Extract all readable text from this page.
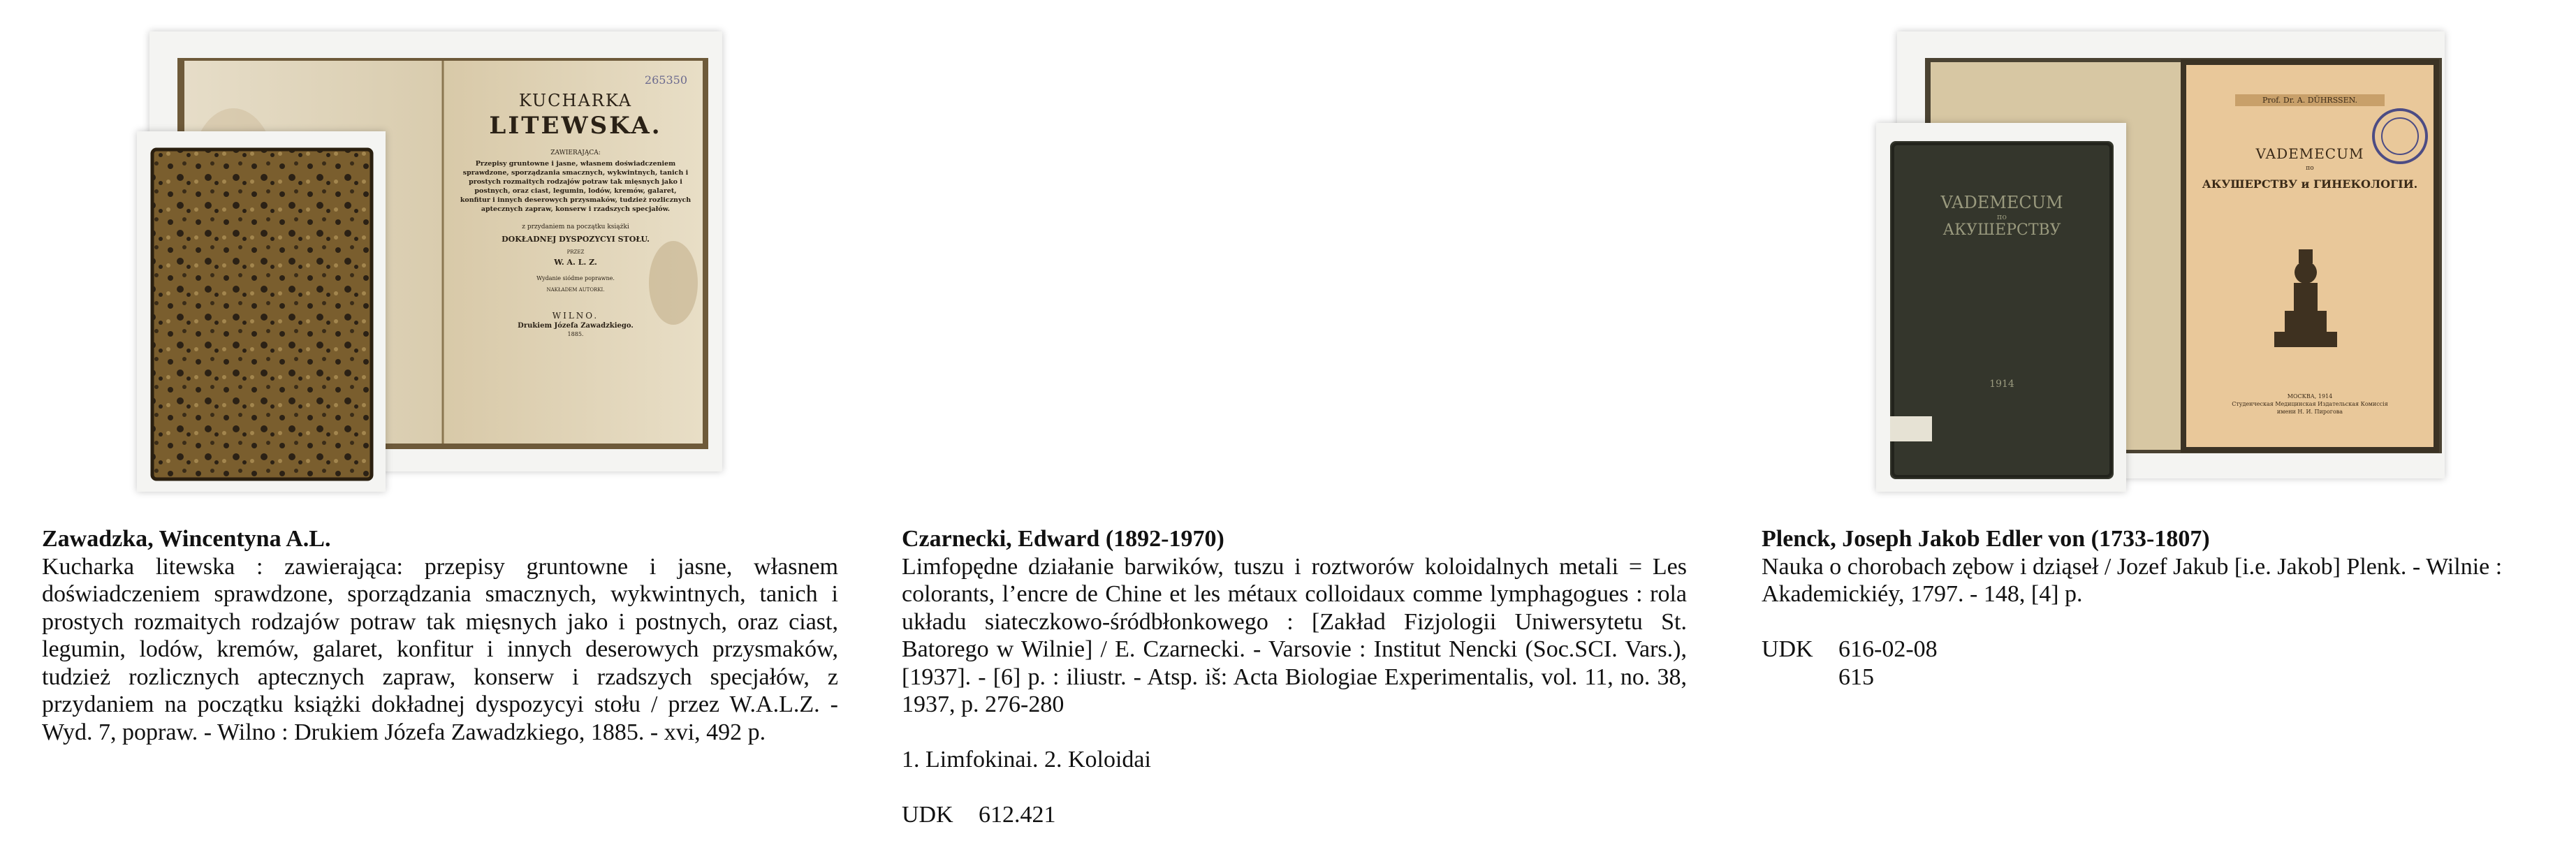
265350
KUCHARKA
LITEWSKA.
ZAWIERAJĄCA:
Przepisy gruntowne i jasne, własnem doświadczeniem sprawdzone, sporządzania smacznych, wykwintnych, tanich i prostych rozmaitych rodzajów potraw tak mięsnych jako i postnych, oraz ciast, legumin, lodów, kremów, galaret, konfitur i innych deserowych przysmaków, tudzież rozlicznych aptecznych zapraw, konserw i rzadszych specjałów.
z przydaniem na początku książki
DOKŁADNEJ DYSPOZYCYI STOŁU.
PRZEZ
W. A. L. Z.
Wydanie siódme poprawne.
NAKŁADEM AUTORKI.
WILNO.
Drukiem Józefa Zawadzkiego.
1885.
Prof. Dr. A. DÜHRSSEN.
VADEMECUM
по
АКУШЕРСТВУ и ГИНЕКОЛОГІИ.
МОСКВА, 1914
Студенческая Медицинская Издательская Комиссія
имени Н. И. Пирогова
VADEMECUM
по
АКУШЕРСТВУ
1914

Zawadzka, Wincentyna A.L.

Kucharka litewska : zawierająca: przepisy gruntowne i jasne, własnem doświadczeniem sprawdzone, sporządzania smacznych, wykwintnych, tanich i prostych rozmaitych rodzajów potraw tak mięsnych jako i postnych, oraz ciast, legumin, lodów, kremów, galaret, konfitur i innych deserowych przysmaków, tudzież rozlicznych aptecznych zapraw, konserw i rzadszych specjałów, z przydaniem na początku książki dokładnej dyspozycyi stołu / przez W.A.L.Z. - Wyd. 7, popraw. - Wilno : Drukiem Józefa Zawadzkiego, 1885. - xvi, 492 p.

Czarnecki, Edward (1892-1970)

Limfopędne działanie barwików, tuszu i roztworów koloidalnych metali = Les colorants, l’encre de Chine et les métaux colloidaux comme lymphagogues : rola układu siateczkowo-śródbłonkowego : [Zakład Fizjologii Uniwersytetu St. Batorego w Wilnie] / E. Czarnecki. - Varsovie : Institut Nencki (Soc.SCI. Vars.), [1937]. - [6] p. : iliustr. - Atsp. iš: Acta Biologiae Experimentalis, vol. 11, no. 38, 1937, p. 276-280

1. Limfokinai. 2. Koloidai

UDK	612.421

Plenck, Joseph Jakob Edler von (1733-1807)

Nauka o chorobach zębow i dziąseł / Jozef Jakub [i.e. Jakob] Plenk. - Wilnie : Akademickiéy, 1797. - 148, [4] p.

UDK	616-02-08
615
